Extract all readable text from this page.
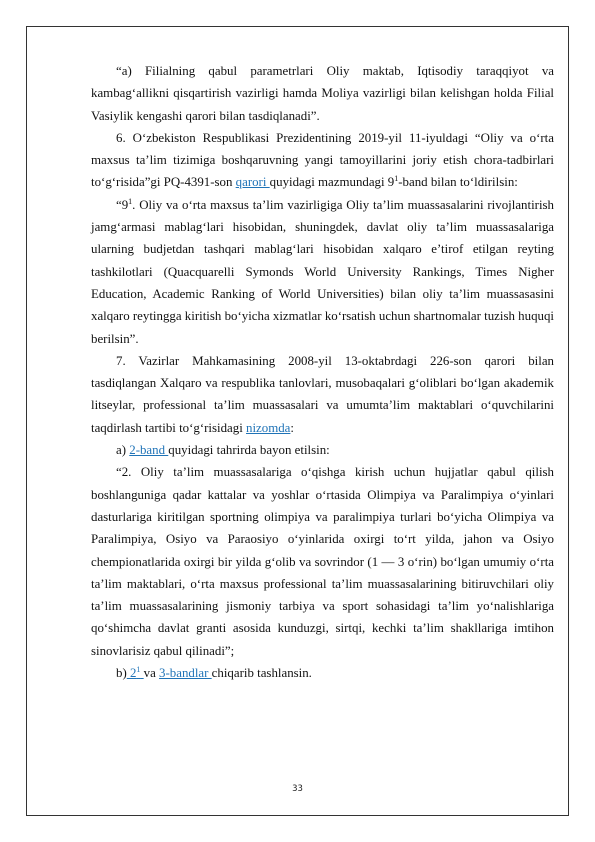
“a) Filialning qabul parametrlari Oliy maktab, Iqtisodiy taraqqiyot va kambag‘allikni qisqartirish vazirligi hamda Moliya vazirligi bilan kelishgan holda Filial Vasiylik kengashi qarori bilan tasdiqlanadi”.

6. O‘zbekiston Respublikasi Prezidentining 2019-yil 11-iyuldagi “Oliy va o‘rta maxsus ta’lim tizimiga boshqaruvning yangi tamoyillarini joriy etish chora-tadbirlari to‘g‘risida”gi PQ-4391-son qarori quyidagi mazmundagi $9^1$-band bilan to‘ldirilsin:

“$9^1$. Oliy va o‘rta maxsus ta’lim vazirligiga Oliy ta’lim muassasalarini rivojlantirish jamg‘armasi mablag‘lari hisobidan, shuningdek, davlat oliy ta’lim muassasalariga ularning budjetdan tashqari mablag‘lari hisobidan xalqaro e’tirof etilgan reyting tashkilotlari (Quacquarelli Symonds World University Rankings, Times Nigher Education, Academic Ranking of World Universities) bilan oliy ta’lim muassasasini xalqaro reytingga kiritish bo‘yicha xizmatlar ko‘rsatish uchun shartnomalar tuzish huquqi berilsin”.

7. Vazirlar Mahkamasining 2008-yil 13-oktabrdagi 226-son qarori bilan tasdiqlangan Xalqaro va respublika tanlovlari, musobaqalari g‘oliblari bo‘lgan akademik litseylar, professional ta’lim muassasalari va umumta’lim maktablari o‘quvchilarini taqdirlash tartibi to‘g‘risidagi nizomda:

a) 2-band quyidagi tahrirda bayon etilsin:

“2. Oliy ta’lim muassasalariga o‘qishga kirish uchun hujjatlar qabul qilish boshlanguniga qadar kattalar va yoshlar o‘rtasida Olimpiya va Paralimpiya o‘yinlari dasturlariga kiritilgan sportning olimpiya va paralimpiya turlari bo‘yicha Olimpiya va Paralimpiya, Osiyo va Paraosiyo o‘yinlarida oxirgi to‘rt yilda, jahon va Osiyo chempionatlarida oxirgi bir yilda g‘olib va sovrindor (1 — 3 o‘rin) bo‘lgan umumiy o‘rta ta’lim maktablari, o‘rta maxsus professional ta’lim muassasalarining bitiruvchilari oliy ta’lim muassasalarining jismoniy tarbiya va sport sohasidagi ta’lim yo‘nalishlariga qo‘shimcha davlat granti asosida kunduzgi, sirtqi, kechki ta’lim shakllariga imtihon sinovlarisiz qabul qilinadi”;

b) $2^1$ va 3-bandlar chiqarib tashlansin.

33
